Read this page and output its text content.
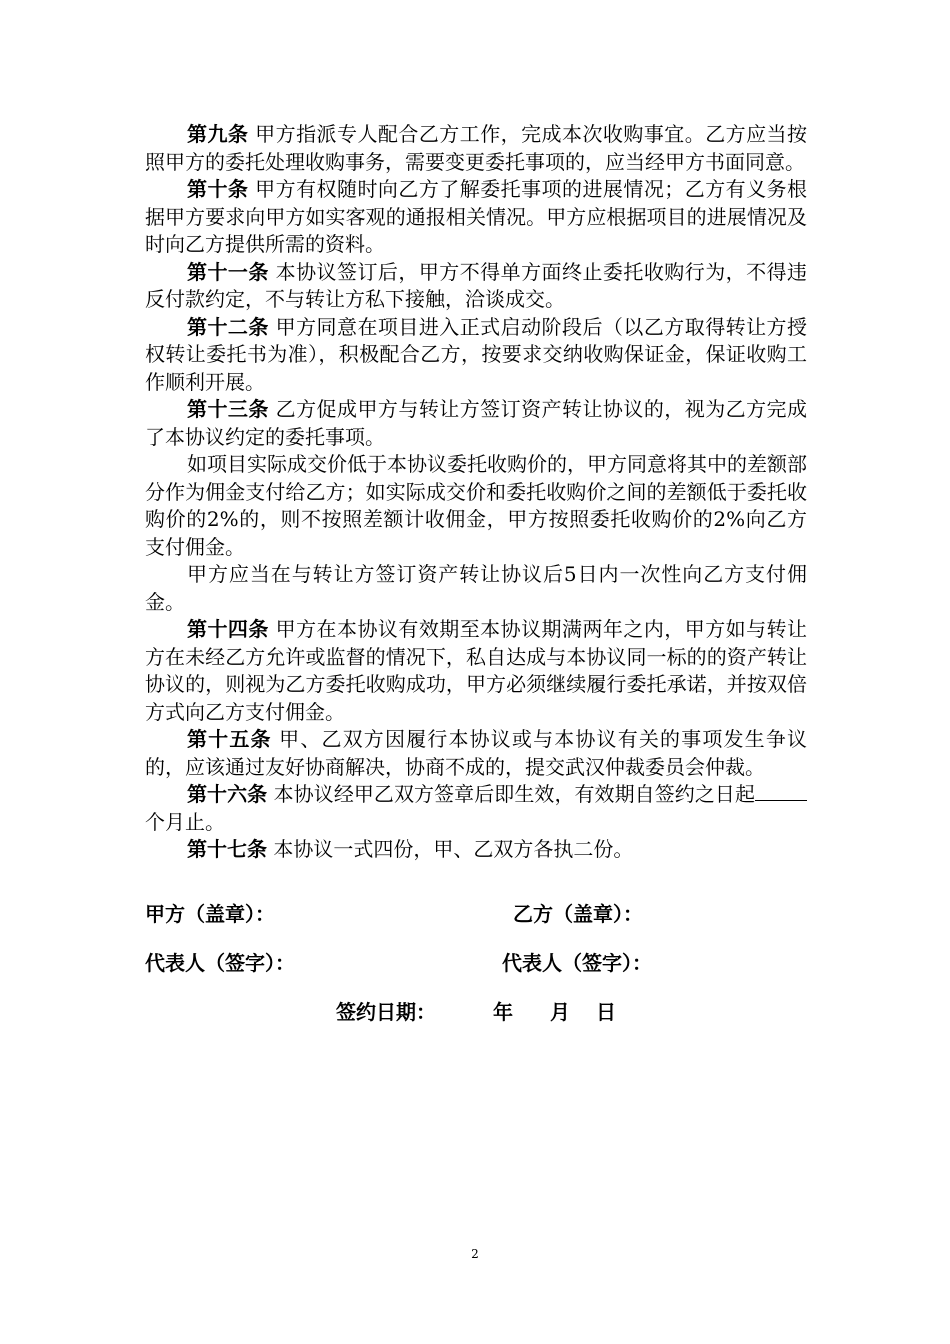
第九条 甲方指派专人配合乙方工作，完成本次收购事宜。乙方应当按照甲方的委托处理收购事务，需要变更委托事项的，应当经甲方书面同意。

第十条 甲方有权随时向乙方了解委托事项的进展情况；乙方有义务根据甲方要求向甲方如实客观的通报相关情况。甲方应根据项目的进展情况及时向乙方提供所需的资料。

第十一条 本协议签订后，甲方不得单方面终止委托收购行为，不得违反付款约定，不与转让方私下接触，洽谈成交。

第十二条 甲方同意在项目进入正式启动阶段后（以乙方取得转让方授权转让委托书为准），积极配合乙方，按要求交纳收购保证金，保证收购工作顺利开展。

第十三条 乙方促成甲方与转让方签订资产转让协议的，视为乙方完成了本协议约定的委托事项。

如项目实际成交价低于本协议委托收购价的，甲方同意将其中的差额部分作为佣金支付给乙方；如实际成交价和委托收购价之间的差额低于委托收购价的2%的，则不按照差额计收佣金，甲方按照委托收购价的2%向乙方支付佣金。

甲方应当在与转让方签订资产转让协议后5日内一次性向乙方支付佣金。

第十四条 甲方在本协议有效期至本协议期满两年之内，甲方如与转让方在未经乙方允许或监督的情况下，私自达成与本协议同一标的的资产转让协议的，则视为乙方委托收购成功，甲方必须继续履行委托承诺，并按双倍方式向乙方支付佣金。

第十五条 甲、乙双方因履行本协议或与本协议有关的事项发生争议的，应该通过友好协商解决，协商不成的，提交武汉仲裁委员会仲裁。

第十六条 本协议经甲乙双方签章后即生效，有效期自签约之日起个月止。

第十七条 本协议一式四份，甲、乙双方各执二份。

甲方（盖章）：	乙方（盖章）：
代表人（签字）：	代表人（签字）：
签约日期：	年 月 日
2
